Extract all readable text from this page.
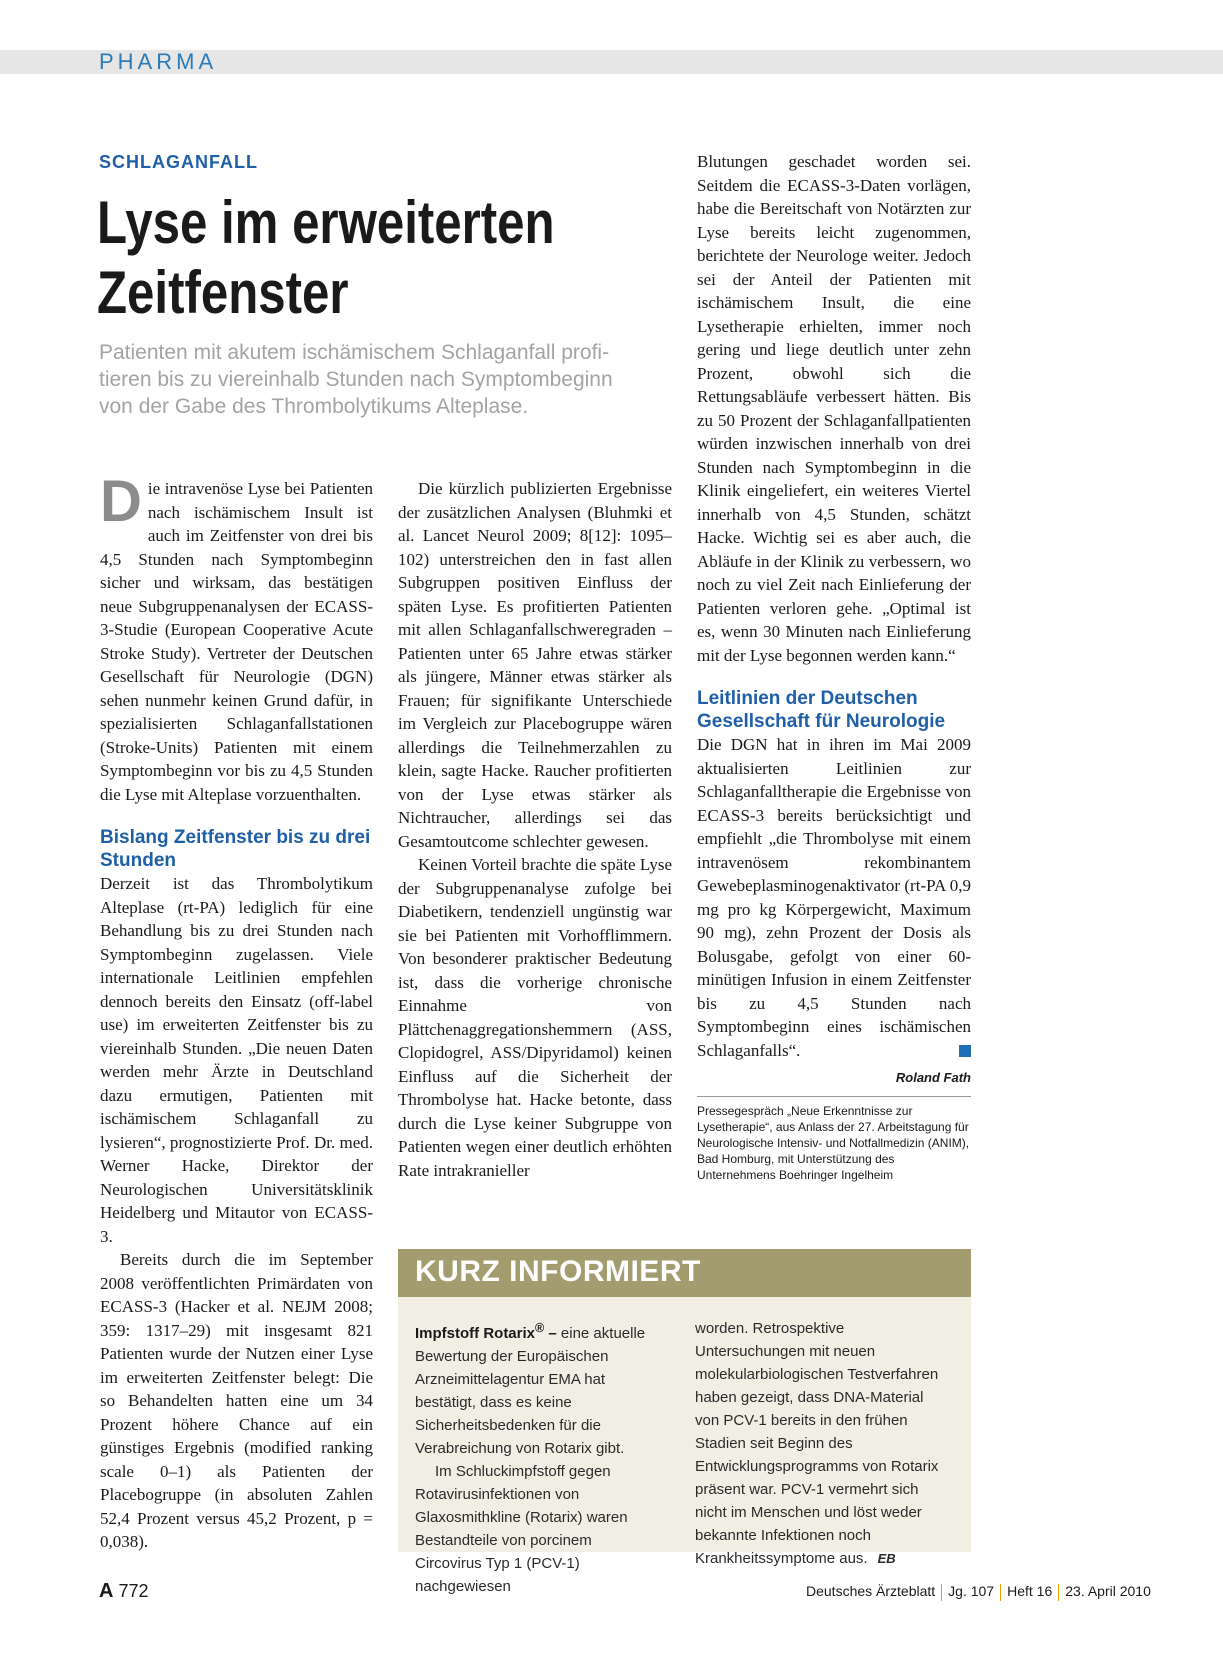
PHARMA
SCHLAGANFALL
Lyse im erweiterten
Zeitfenster
Patienten mit akutem ischämischem Schlaganfall profi-
tieren bis zu viereinhalb Stunden nach Symptombeginn
von der Gabe des Thrombolytikums Alteplase.

Die intravenöse Lyse bei Patienten nach ischämischem Insult ist auch im Zeitfenster von drei bis 4,5 Stunden nach Symptombeginn sicher und wirksam, das bestätigen neue Subgruppenanalysen der ECASS-3-Studie (European Cooperative Acute Stroke Study). Vertreter der Deutschen Gesellschaft für Neurologie (DGN) sehen nunmehr keinen Grund dafür, in spezialisierten Schlaganfallstationen (Stroke-Units) Patienten mit einem Symptombeginn vor bis zu 4,5 Stunden die Lyse mit Alteplase vorzuenthalten.

Bislang Zeitfenster bis zu drei Stunden

Derzeit ist das Thrombolytikum Alteplase (rt-PA) lediglich für eine Behandlung bis zu drei Stunden nach Symptombeginn zugelassen. Viele internationale Leitlinien empfehlen dennoch bereits den Einsatz (off-label use) im erweiterten Zeitfenster bis zu viereinhalb Stunden. „Die neuen Daten werden mehr Ärzte in Deutschland dazu ermutigen, Patienten mit ischämischem Schlaganfall zu lysieren“, prognostizierte Prof. Dr. med. Werner Hacke, Direktor der Neurologischen Universitätsklinik Heidelberg und Mitautor von ECASS-3.

Bereits durch die im September 2008 veröffentlichten Primärdaten von ECASS-3 (Hacker et al. NEJM 2008; 359: 1317–29) mit insgesamt 821 Patienten wurde der Nutzen einer Lyse im erweiterten Zeitfenster belegt: Die so Behandelten hatten eine um 34 Prozent höhere Chance auf ein günstiges Ergebnis (modified ranking scale 0–1) als Patienten der Placebogruppe (in absoluten Zahlen 52,4 Prozent versus 45,2 Prozent, p = 0,038).

Die kürzlich publizierten Ergebnisse der zusätzlichen Analysen (Bluhmki et al. Lancet Neurol 2009; 8[12]: 1095–102) unterstreichen den in fast allen Subgruppen positiven Einfluss der späten Lyse. Es profitierten Patienten mit allen Schlaganfallschweregraden – Patienten unter 65 Jahre etwas stärker als jüngere, Männer etwas stärker als Frauen; für signifikante Unterschiede im Vergleich zur Placebogruppe wären allerdings die Teilnehmerzahlen zu klein, sagte Hacke. Raucher profitierten von der Lyse etwas stärker als Nichtraucher, allerdings sei das Gesamtoutcome schlechter gewesen.

Keinen Vorteil brachte die späte Lyse der Subgruppenanalyse zufolge bei Diabetikern, tendenziell ungünstig war sie bei Patienten mit Vorhofflimmern. Von besonderer praktischer Bedeutung ist, dass die vorherige chronische Einnahme von Plättchenaggregationshemmern (ASS, Clopidogrel, ASS/Dipyridamol) keinen Einfluss auf die Sicherheit der Thrombolyse hat. Hacke betonte, dass durch die Lyse keiner Subgruppe von Patienten wegen einer deutlich erhöhten Rate intrakranieller

Blutungen geschadet worden sei. Seitdem die ECASS-3-Daten vorlägen, habe die Bereitschaft von Notärzten zur Lyse bereits leicht zugenommen, berichtete der Neurologe weiter. Jedoch sei der Anteil der Patienten mit ischämischem Insult, die eine Lysetherapie erhielten, immer noch gering und liege deutlich unter zehn Prozent, obwohl sich die Rettungsabläufe verbessert hätten. Bis zu 50 Prozent der Schlaganfallpatienten würden inzwischen innerhalb von drei Stunden nach Symptombeginn in die Klinik eingeliefert, ein weiteres Viertel innerhalb von 4,5 Stunden, schätzt Hacke. Wichtig sei es aber auch, die Abläufe in der Klinik zu verbessern, wo noch zu viel Zeit nach Einlieferung der Patienten verloren gehe. „Optimal ist es, wenn 30 Minuten nach Einlieferung mit der Lyse begonnen werden kann.“

Leitlinien der Deutschen Gesellschaft für Neurologie

Die DGN hat in ihren im Mai 2009 aktualisierten Leitlinien zur Schlaganfalltherapie die Ergebnisse von ECASS-3 bereits berücksichtigt und empfiehlt „die Thrombolyse mit einem intravenösem rekombinantem Gewebeplasminogenaktivator (rt-PA 0,9 mg pro kg Körpergewicht, Maximum 90 mg), zehn Prozent der Dosis als Bolusgabe, gefolgt von einer 60-minütigen Infusion in einem Zeitfenster bis zu 4,5 Stunden nach Symptombeginn eines ischämischen Schlaganfalls“.

Roland Fath
Pressegespräch „Neue Erkenntnisse zur Lysetherapie“, aus Anlass der 27. Arbeitstagung für Neurologische Intensiv- und Notfallmedizin (ANIM), Bad Homburg, mit Unterstützung des Unternehmens Boehringer Ingelheim
KURZ INFORMIERT

Impfstoff Rotarix® – eine aktuelle Bewertung der Europäischen Arzneimittelagentur EMA hat bestätigt, dass es keine Sicherheitsbedenken für die Verabreichung von Rotarix gibt.

Im Schluckimpfstoff gegen Rotavirusinfektionen von Glaxosmithkline (Rotarix) waren Bestandteile von porcinem Circovirus Typ 1 (PCV-1) nachgewiesen

worden. Retrospektive Untersuchungen mit neuen molekularbiologischen Testverfahren haben gezeigt, dass DNA-Material von PCV-1 bereits in den frühen Stadien seit Beginn des Entwicklungsprogramms von Rotarix präsent war. PCV-1 vermehrt sich nicht im Menschen und löst weder bekannte Infektionen noch Krankheitssymptome aus. EB

A 772	Deutsches Ärzteblatt Jg. 107 Heft 16 23. April 2010
